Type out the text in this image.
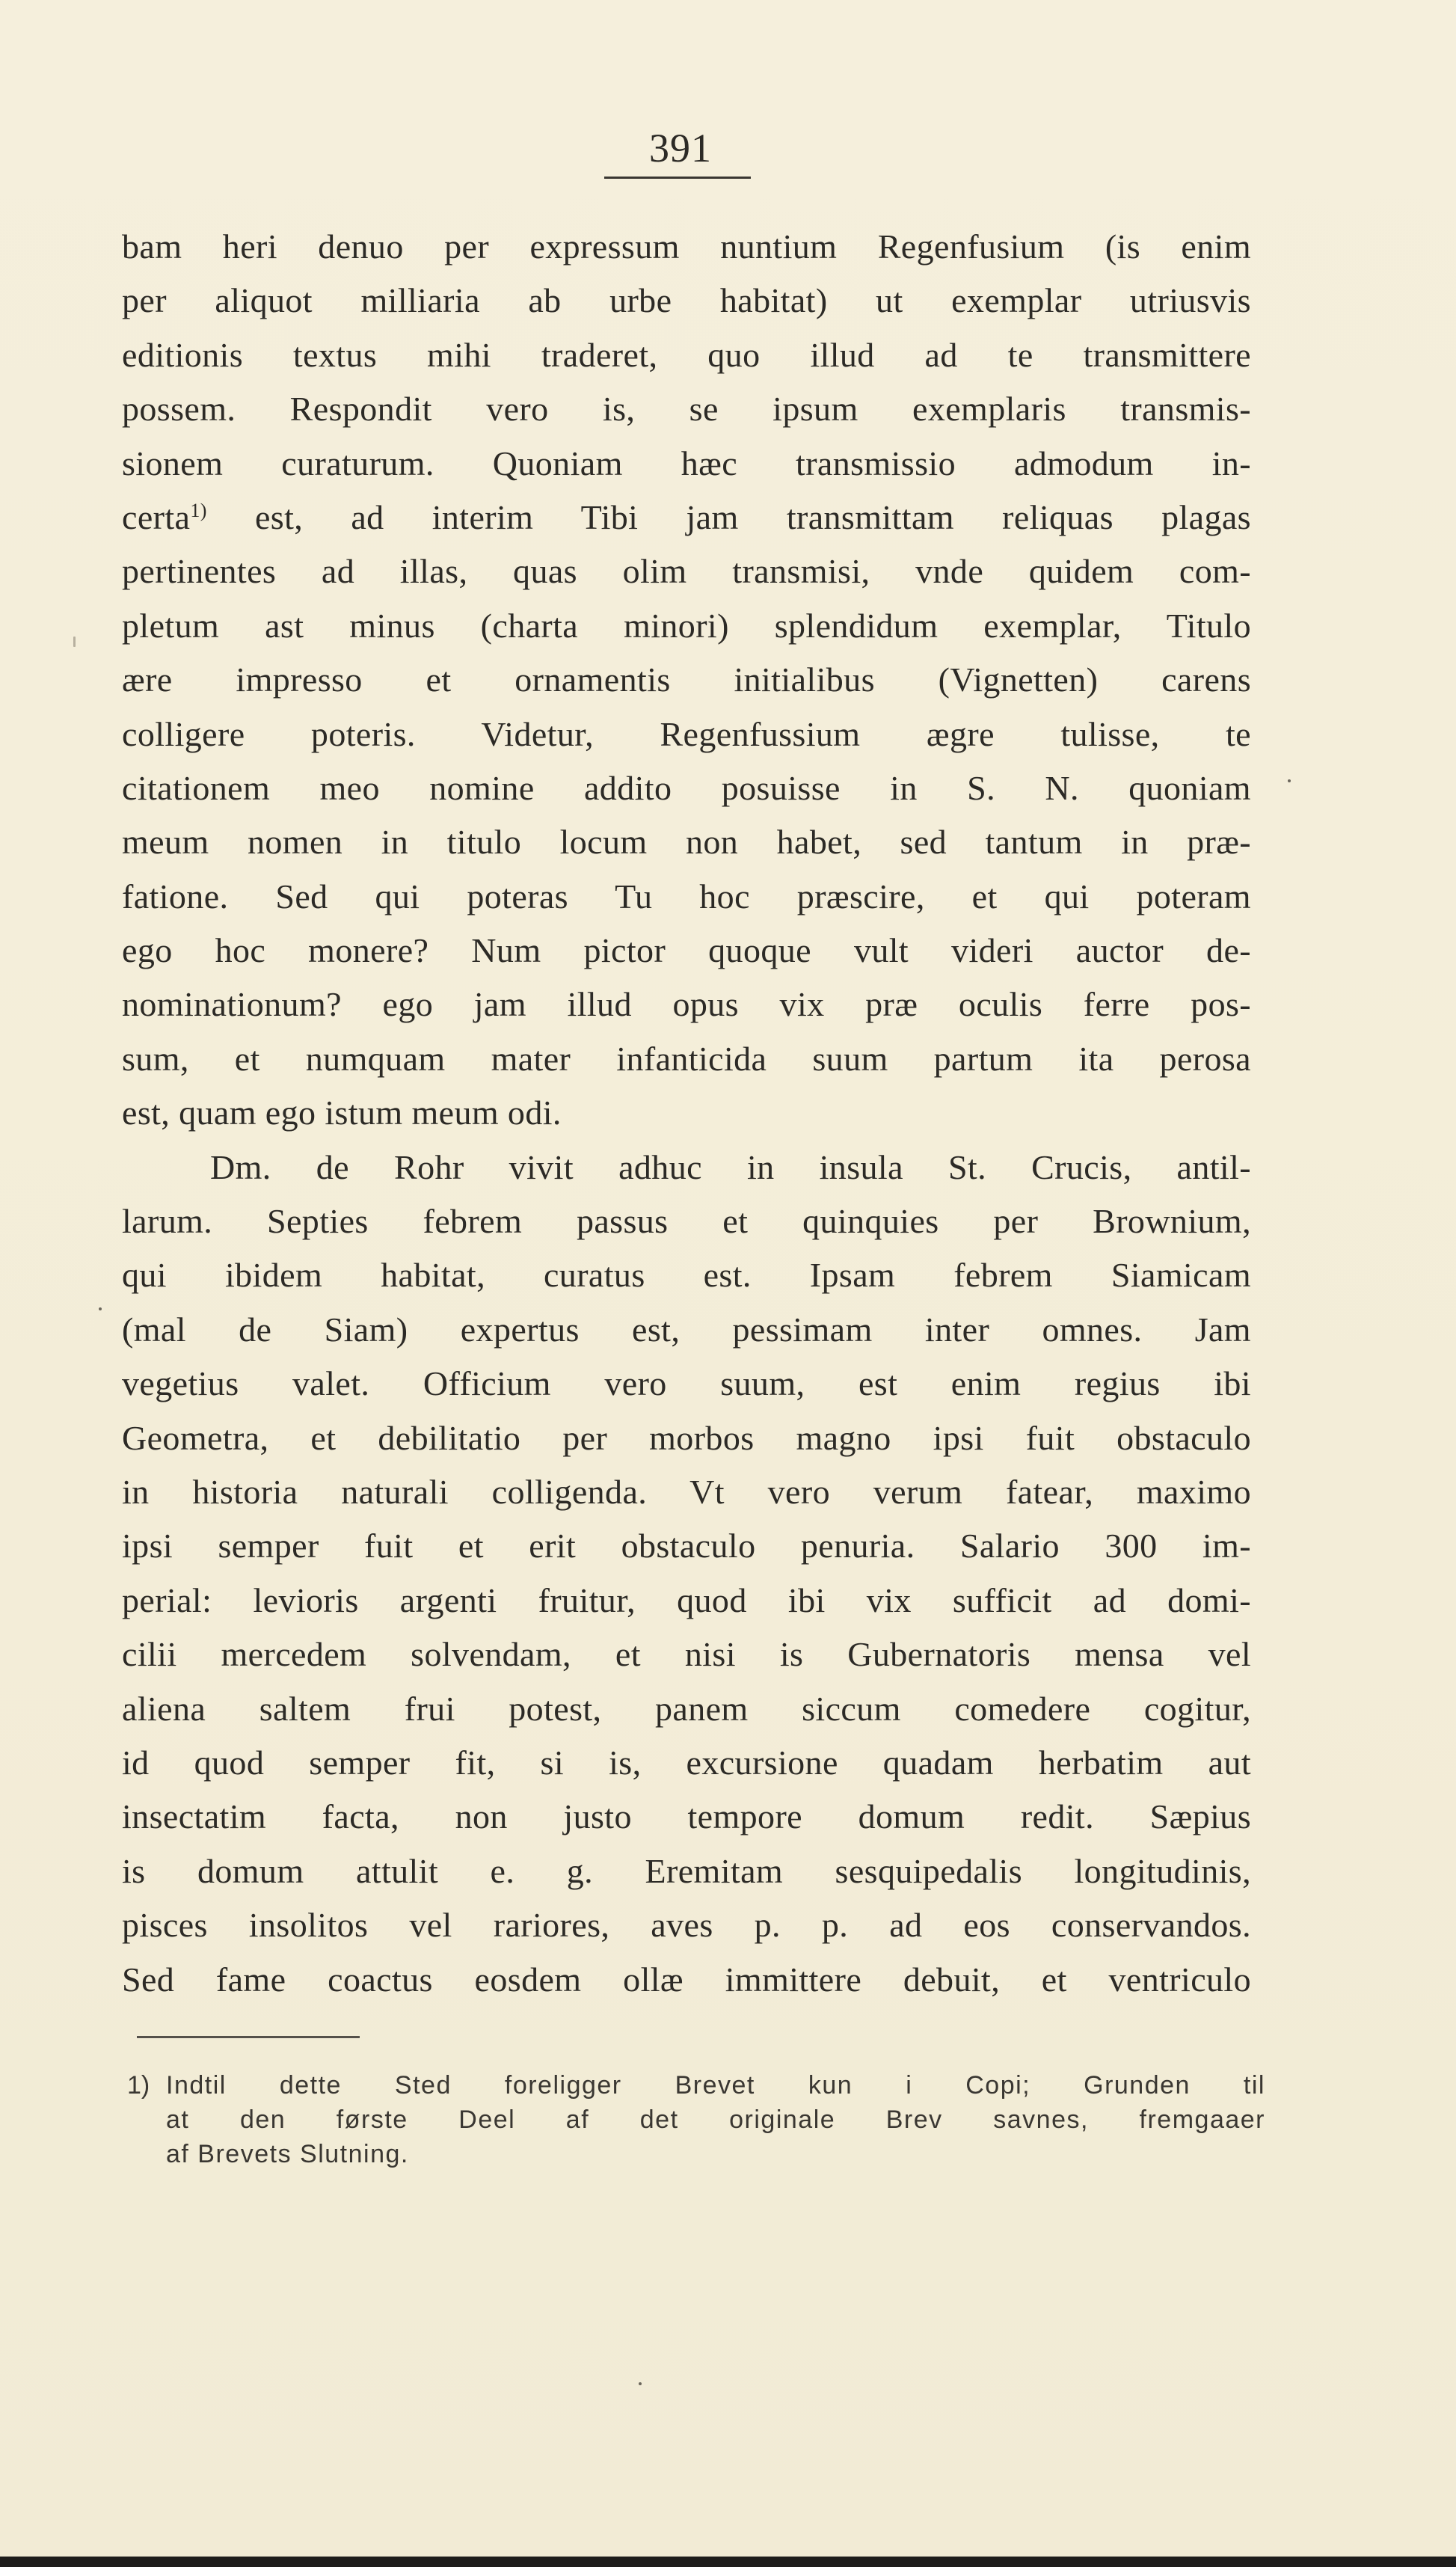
391
bam heri denuo per expressum nuntium Regenfusium (is enim
per aliquot milliaria ab urbe habitat) ut exemplar utriusvis
editionis textus mihi traderet, quo illud ad te transmittere
possem. Respondit vero is, se ipsum exemplaris transmis-
sionem curaturum. Quoniam hæc transmissio admodum in-
certa$^{1)}$ est, ad interim Tibi jam transmittam reliquas plagas
pertinentes ad illas, quas olim transmisi, vnde quidem com-
pletum ast minus (charta minori) splendidum exemplar, Titulo
ære impresso et ornamentis initialibus (Vignetten) carens
colligere poteris. Videtur, Regenfussium ægre tulisse, te
citationem meo nomine addito posuisse in S. N. quoniam
meum nomen in titulo locum non habet, sed tantum in præ-
fatione. Sed qui poteras Tu hoc præscire, et qui poteram
ego hoc monere? Num pictor quoque vult videri auctor de-
nominationum? ego jam illud opus vix præ oculis ferre pos-
sum, et numquam mater infanticida suum partum ita perosa
est, quam ego istum meum odi.
Dm. de Rohr vivit adhuc in insula St. Crucis, antil-
larum. Septies febrem passus et quinquies per Brownium,
qui ibidem habitat, curatus est. Ipsam febrem Siamicam
(mal de Siam) expertus est, pessimam inter omnes. Jam
vegetius valet. Officium vero suum, est enim regius ibi
Geometra, et debilitatio per morbos magno ipsi fuit obstaculo
in historia naturali colligenda. Vt vero verum fatear, maximo
ipsi semper fuit et erit obstaculo penuria. Salario 300 im-
perial: levioris argenti fruitur, quod ibi vix sufficit ad domi-
cilii mercedem solvendam, et nisi is Gubernatoris mensa vel
aliena saltem frui potest, panem siccum comedere cogitur,
id quod semper fit, si is, excursione quadam herbatim aut
insectatim facta, non justo tempore domum redit. Sæpius
is domum attulit e. g. Eremitam sesquipedalis longitudinis,
pisces insolitos vel rariores, aves p. p. ad eos conservandos.
Sed fame coactus eosdem ollæ immittere debuit, et ventriculo
1) Indtil dette Sted foreligger Brevet kun i Copi; Grunden til
at den første Deel af det originale Brev savnes, fremgaaer
af Brevets Slutning.
